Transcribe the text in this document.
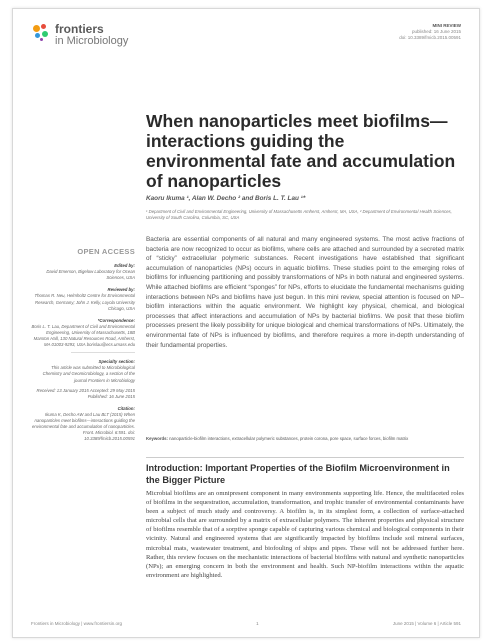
frontiers
in Microbiology
MINI REVIEW
published: 16 June 2015
doi: 10.3389/fmicb.2015.00591
When nanoparticles meet biofilms—interactions guiding the environmental fate and accumulation of nanoparticles
Kaoru Ikuma ¹, Alan W. Decho ² and Boris L. T. Lau ¹*
¹ Department of Civil and Environmental Engineering, University of Massachusetts Amherst, Amherst, MA, USA, ² Department of Environmental Health Sciences, University of South Carolina, Columbia, SC, USA
OPEN ACCESS
Edited by:
David Emerson, Bigelow Laboratory for Ocean Sciences, USA
Reviewed by:
Thomas R. Neu, Helmholtz Centre for Environmental Research, Germany; John J. Kelly, Loyola University Chicago, USA
*Correspondence:
Boris L. T. Lau, Department of Civil and Environmental Engineering, University of Massachusetts, 18B Marston Hall, 130 Natural Resources Road, Amherst, MA 01003-9293, USA borislau@ecs.umass.edu
Specialty section:
This article was submitted to Microbiological Chemistry and Geomicrobiology, a section of the journal Frontiers in Microbiology
Received: 13 January 2015 Accepted: 29 May 2015 Published: 16 June 2015
Citation:
Ikuma K, Decho AW and Lau BLT (2015) When nanoparticles meet biofilms—interactions guiding the environmental fate and accumulation of nanoparticles. Front. Microbiol. 6:591. doi: 10.3389/fmicb.2015.00591
Bacteria are essential components of all natural and many engineered systems. The most active fractions of bacteria are now recognized to occur as biofilms, where cells are attached and surrounded by a secreted matrix of “sticky” extracellular polymeric substances. Recent investigations have established that significant accumulation of nanoparticles (NPs) occurs in aquatic biofilms. These studies point to the emerging roles of biofilms for influencing partitioning and possibly transformations of NPs in both natural and engineered systems. While attached biofilms are efficient “sponges” for NPs, efforts to elucidate the fundamental mechanisms guiding interactions between NPs and biofilms have just begun. In this mini review, special attention is focused on NP–biofilm interactions within the aquatic environment. We highlight key physical, chemical, and biological processes that affect interactions and accumulation of NPs by bacterial biofilms. We posit that these biofilm processes present the likely possibility for unique biological and chemical transformations of NPs. Ultimately, the environmental fate of NPs is influenced by biofilms, and therefore requires a more in-depth understanding of their fundamental properties.
Keywords: nanoparticle-biofilm interactions, extracellular polymeric substances, protein corona, pore space, surface forces, biofilm matrix
Introduction: Important Properties of the Biofilm Microenvironment in the Bigger Picture
Microbial biofilms are an omnipresent component in many environments supporting life. Hence, the multifaceted roles of biofilms in the sequestration, accumulation, transformation, and trophic transfer of environmental contaminants have been a subject of much study and controversy. A biofilm is, in its simplest form, a collection of surface-attached microbial cells that are surrounded by a matrix of extracellular polymers. The inherent properties and physical structure of biofilms resemble that of a sorptive sponge capable of capturing various chemical and biological components in their vicinity. Natural and engineered systems that are significantly impacted by biofilms include soil mineral surfaces, microbial mats, wastewater treatment, and biofouling of ships and pipes. These will not be addressed further here. Rather, this review focuses on the mechanistic interactions of bacterial biofilms with natural and synthetic nanoparticles (NPs); an emerging concern in both the environment and health. Such NP-biofilm interactions within the aquatic environment are highlighted.
Frontiers in Microbiology | www.frontiersin.org	1	June 2015 | Volume 6 | Article 591
